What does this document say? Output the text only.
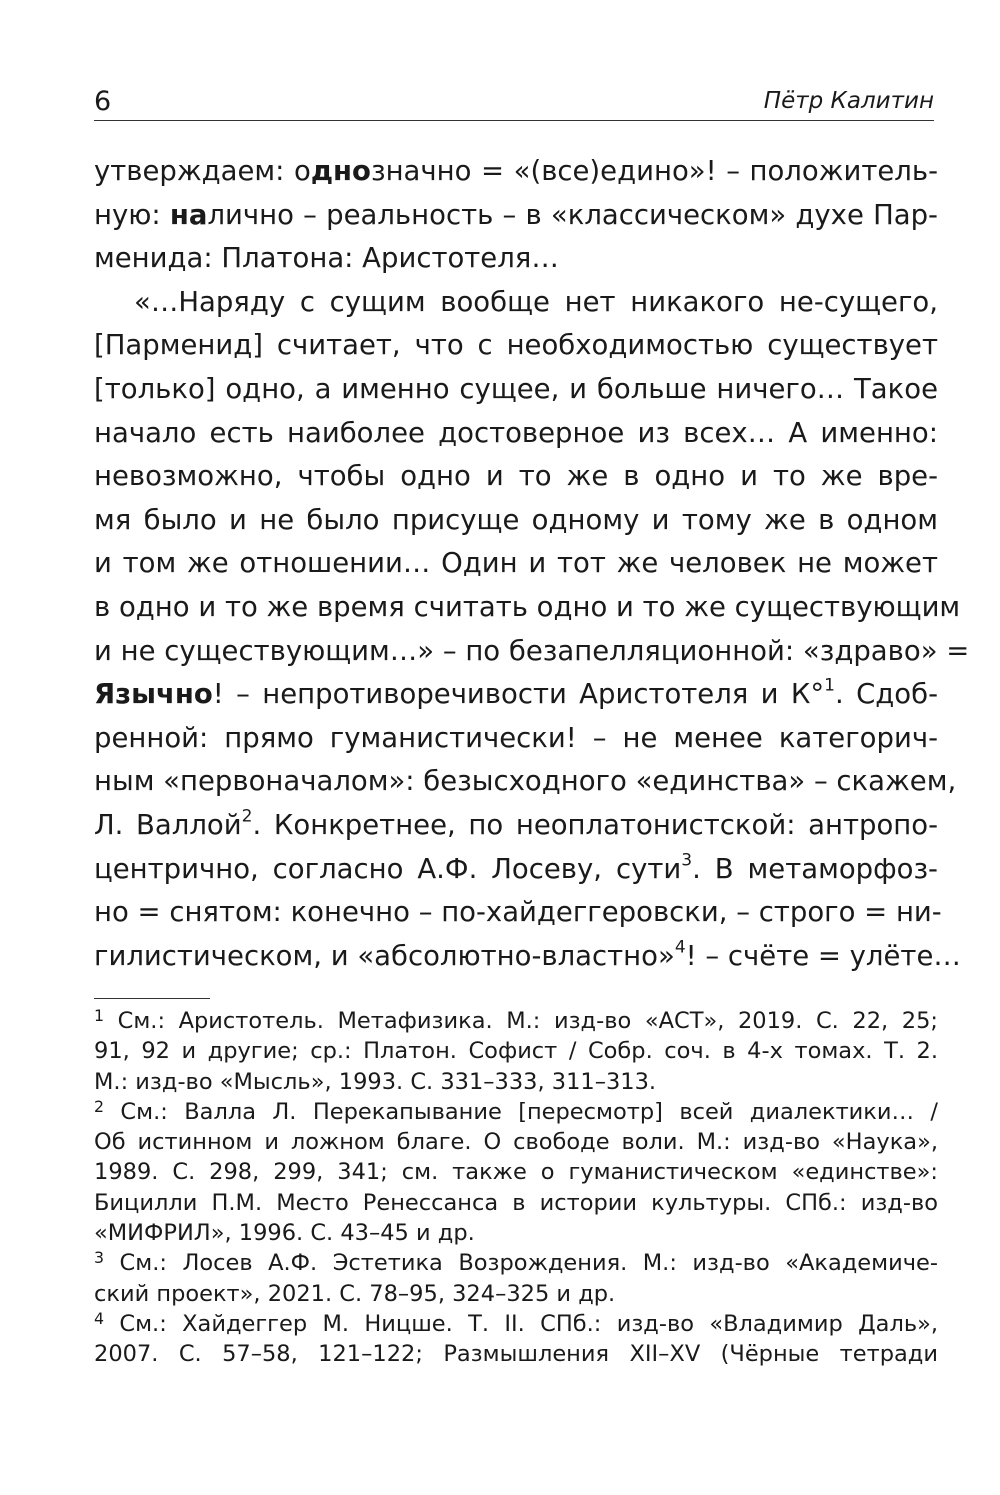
6	Пётр Калитин
утверждаем: однозначно = «(все)едино»! – положитель-
ную: налично – реальность – в «классическом» духе Пар-
менида: Платона: Аристотеля…
«…Наряду с сущим вообще нет никакого не-сущего,
[Парменид] считает, что с необходимостью существует
[только] одно, а именно сущее, и больше ничего… Такое
начало есть наиболее достоверное из всех… А именно:
невозможно, чтобы одно и то же в одно и то же вре-
мя было и не было присуще одному и тому же в одном
и том же отношении… Один и тот же человек не может
в одно и то же время считать одно и то же существующим
и не существующим…» – по безапелляционной: «здраво» =
Язычно! – непротиворечивости Аристотеля и К°$^1$. Сдоб-
ренной: прямо гуманистически! – не менее категорич-
ным «первоначалом»: безысходного «единства» – скажем,
Л. Валлой$^2$. Конкретнее, по неоплатонистской: антропо-
центрично, согласно А.Ф. Лосеву, сути$^3$. В метаморфоз-
но = снятом: конечно – по-хайдеггеровски, – строго = ни-
гилистическом, и «абсолютно-властно»$^4$! – счёте = улёте…
$^1$ См.: Аристотель. Метафизика. М.: изд-во «АСТ», 2019. С. 22, 25;
91, 92 и другие; ср.: Платон. Софист / Собр. соч. в 4-х томах. Т. 2.
М.: изд-во «Мысль», 1993. С. 331–333, 311–313.
$^2$ См.: Валла Л. Перекапывание [пересмотр] всей диалектики… /
Об истинном и ложном благе. О свободе воли. М.: изд-во «Наука»,
1989. С. 298, 299, 341; см. также о гуманистическом «единстве»:
Бицилли П.М. Место Ренессанса в истории культуры. СПб.: изд-во
«МИФРИЛ», 1996. С. 43–45 и др.
$^3$ См.: Лосев А.Ф. Эстетика Возрождения. М.: изд-во «Академиче-
ский проект», 2021. С. 78–95, 324–325 и др.
$^4$ См.: Хайдеггер М. Ницше. Т. II. СПб.: изд-во «Владимир Даль»,
2007. С. 57–58, 121–122; Размышления XII–XV (Чёрные тетради
